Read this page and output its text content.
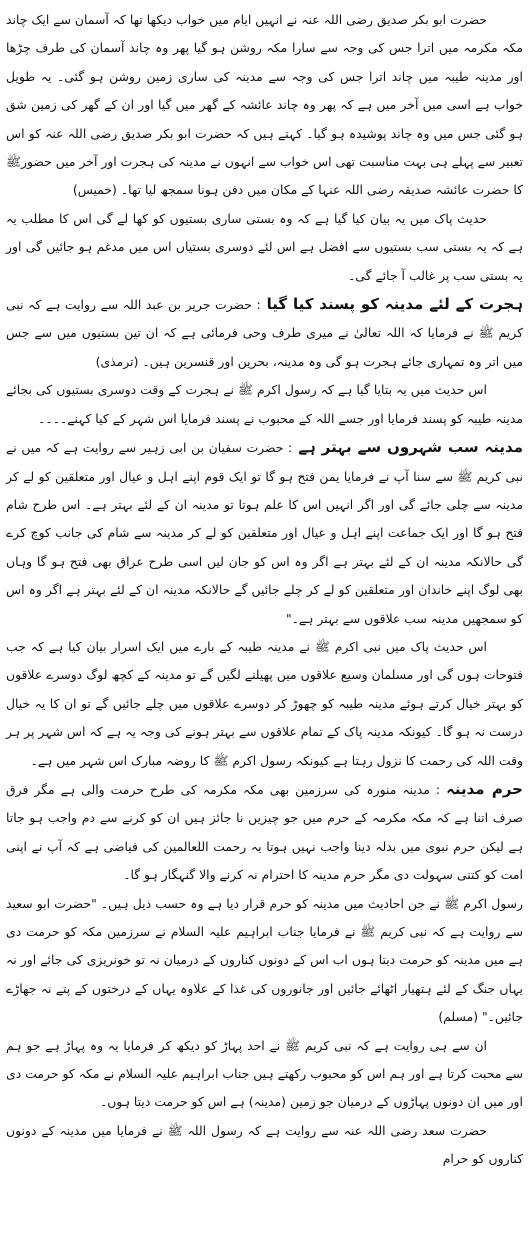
حضرت ابو بکر صدیق رضی اللہ عنہ نے انہیں ایام میں خواب دیکھا تھا کہ آسمان سے ایک چاند مکہ مکرمہ میں اترا جس کی وجہ سے سارا مکہ روشن ہو گیا پھر وہ چاند آسمان کی طرف چڑھا اور مدینہ طیبہ میں چاند اترا جس کی وجہ سے مدینہ کی ساری زمین روشن ہو گئی۔ یہ طویل خواب ہے اسی میں آخر میں ہے کہ پھر وہ چاند عائشہ کے گھر میں گیا اور ان کے گھر کی زمین شق ہو گئی جس میں وہ چاند پوشیدہ ہو گیا۔ کہتے ہیں کہ حضرت ابو بکر صدیق رضی اللہ عنہ کو اس تعبیر سے پہلے ہی بہت مناسبت تھی اس خواب سے انہوں نے مدینہ کی ہجرت اور آخر میں حضورﷺ کا حضرت عائشہ صدیقہ رضی اللہ عنہا کے مکان میں دفن ہونا سمجھ لیا تھا۔ (خمیس)

حدیث پاک میں یہ بیان کیا گیا ہے کہ وہ بستی ساری بستیوں کو کھا لے گی اس کا مطلب یہ ہے کہ یہ بستی سب بستیوں سے افضل ہے اس لئے دوسری بستیاں اس میں مدغم ہو جائیں گی اور یہ بستی سب پر غالب آ جائے گی۔

ہجرت کے لئے مدینہ کو پسند کیا گیا: حضرت جریر بن عبد اللہ سے روایت ہے کہ نبی کریم ﷺ نے فرمایا کہ اللہ تعالیٰ نے میری طرف وحی فرمائی ہے کہ ان تین بستیوں میں سے جس میں اتر وہ تمہاری جائے ہجرت ہو گی وہ مدینہ، بحرین اور قنسرین ہیں۔ (ترمذی)

اس حدیث میں یہ بتایا گیا ہے کہ رسول اکرم ﷺ نے ہجرت کے وقت دوسری بستیوں کی بجائے مدینہ طیبہ کو پسند فرمایا اور جسے اللہ کے محبوب نے پسند فرمایا اس شہر کے کیا کہنے۔۔۔۔

مدینہ سب شہروں سے بہتر ہے: حضرت سفیان بن ابی زہیر سے روایت ہے کہ میں نے نبی کریم ﷺ سے سنا آپ نے فرمایا یمن فتح ہو گا تو ایک قوم اپنے اہل و عیال اور متعلقین کو لے کر مدینہ سے چلی جائے گی اور اگر انہیں اس کا علم ہوتا تو مدینہ ان کے لئے بہتر ہے۔ اس طرح شام فتح ہو گا اور ایک جماعت اپنے اہل و عیال اور متعلقین کو لے کر مدینہ سے شام کی جانب کوچ کرے گی حالانکہ مدینہ ان کے لئے بہتر ہے اگر وہ اس کو جان لیں اسی طرح عراق بھی فتح ہو گا وہاں بھی لوگ اپنے خاندان اور متعلقین کو لے کر چلے جائیں گے حالانکہ مدینہ ان کے لئے بہتر ہے اگر وہ اس کو سمجھیں مدینہ سب علاقوں سے بہتر ہے۔"

اس حدیث پاک میں نبی اکرم ﷺ نے مدینہ طیبہ کے بارے میں ایک اسرار بیان کیا ہے کہ جب فتوحات ہوں گی اور مسلمان وسیع علاقوں میں پھیلنے لگیں گے تو مدینہ کے کچھ لوگ دوسرے علاقوں کو بہتر خیال کرتے ہوئے مدینہ طیبہ کو چھوڑ کر دوسرے علاقوں میں چلے جائیں گے تو ان کا یہ خیال درست نہ ہو گا۔ کیونکہ مدینہ پاک کے تمام علاقوں سے بہتر ہونے کی وجہ یہ ہے کہ اس شہر پر ہر وقت اللہ کی رحمت کا نزول رہتا ہے کیونکہ رسول اکرم ﷺ کا روضہ مبارک اس شہر میں ہے۔

حرم مدینہ: مدینہ منورہ کی سرزمین بھی مکہ مکرمہ کی طرح حرمت والی ہے مگر فرق صرف اتنا ہے کہ مکہ مکرمہ کے حرم میں جو چیزیں نا جائز ہیں ان کو کرنے سے دم واجب ہو جاتا ہے لیکن حرم نبوی میں بدلہ دینا واجب نہیں ہوتا یہ رحمت اللعالمین کی فیاضی ہے کہ آپ نے اپنی امت کو کتنی سہولت دی مگر حرم مدینہ کا احترام نہ کرنے والا گنہگار ہو گا۔

رسول اکرم ﷺ نے جن احادیث میں مدینہ کو حرم قرار دیا ہے وہ حسب ذیل ہیں۔ "حضرت ابو سعید سے روایت ہے کہ نبی کریم ﷺ نے فرمایا جناب ابراہیم علیہ السلام نے سرزمین مکہ کو حرمت دی ہے میں مدینہ کو حرمت دیتا ہوں اب اس کے دونوں کناروں کے درمیان نہ تو خونریزی کی جائے اور نہ یہاں جنگ کے لئے ہتھیار اٹھائے جائیں اور جانوروں کی غذا کے علاوہ یہاں کے درختوں کے پتے نہ جھاڑے جائیں۔" (مسلم)

ان سے ہی روایت ہے کہ نبی کریم ﷺ نے احد پہاڑ کو دیکھ کر فرمایا یہ وہ پہاڑ ہے جو ہم سے محبت کرتا ہے اور ہم اس کو محبوب رکھتے ہیں جناب ابراہیم علیہ السلام نے مکہ کو حرمت دی اور میں ان دونوں پہاڑوں کے درمیان جو زمین (مدینہ) ہے اس کو حرمت دیتا ہوں۔

حضرت سعد رضی اللہ عنہ سے روایت ہے کہ رسول اللہ ﷺ نے فرمایا میں مدینہ کے دونوں کناروں کو حرام
